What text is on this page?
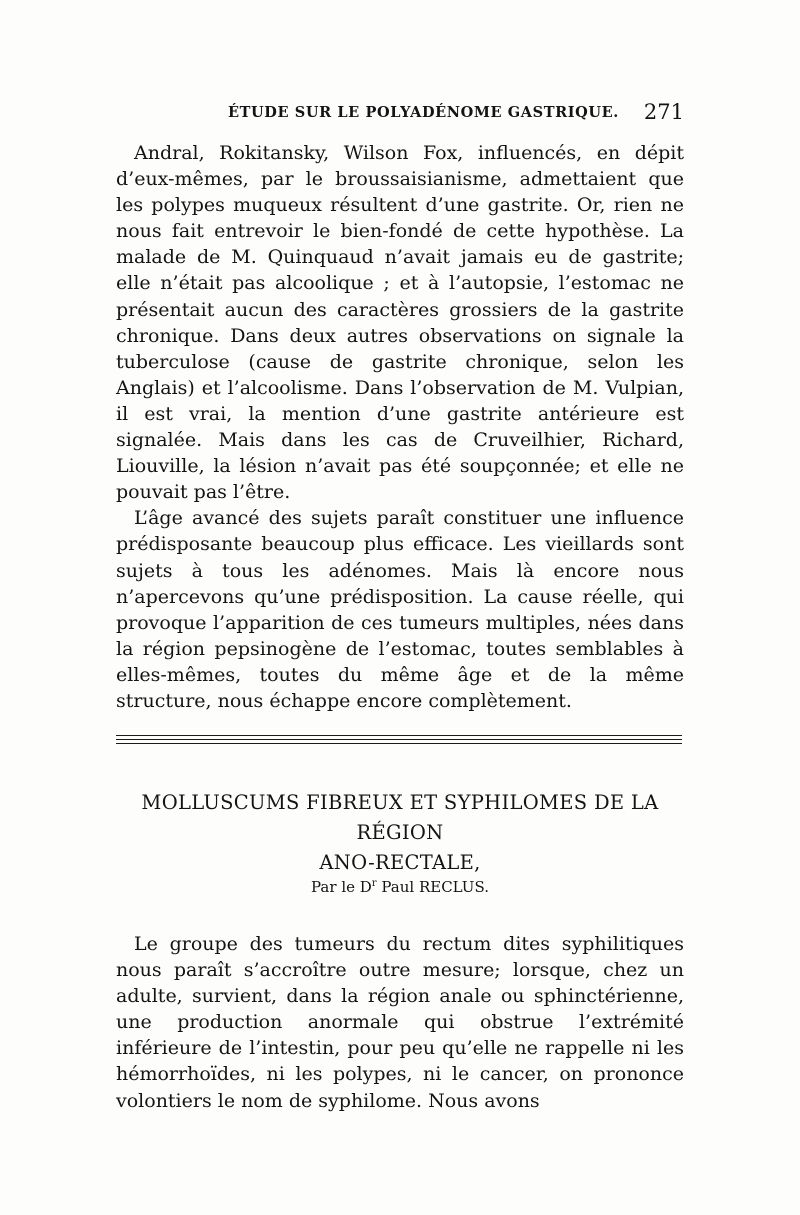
ÉTUDE SUR LE POLYADÉNOME GASTRIQUE. 271

Andral, Rokitansky, Wilson Fox, influencés, en dépit d’eux-mêmes, par le broussaisianisme, admettaient que les polypes muqueux résultent d’une gastrite. Or, rien ne nous fait entrevoir le bien-fondé de cette hypothèse. La malade de M. Quinquaud n’avait jamais eu de gastrite; elle n’était pas alcoolique ; et à l’autopsie, l’estomac ne présentait aucun des caractères grossiers de la gastrite chronique. Dans deux autres observations on signale la tuberculose (cause de gastrite chronique, selon les Anglais) et l’alcoolisme. Dans l’observation de M. Vulpian, il est vrai, la mention d’une gastrite antérieure est signalée. Mais dans les cas de Cruveilhier, Richard, Liouville, la lésion n’avait pas été soupçonnée; et elle ne pouvait pas l’être.

L’âge avancé des sujets paraît constituer une influence prédisposante beaucoup plus efficace. Les vieillards sont sujets à tous les adénomes. Mais là encore nous n’apercevons qu’une prédisposition. La cause réelle, qui provoque l’apparition de ces tumeurs multiples, nées dans la région pepsinogène de l’estomac, toutes semblables à elles-mêmes, toutes du même âge et de la même structure, nous échappe encore complètement.

MOLLUSCUMS FIBREUX ET SYPHILOMES DE LA RÉGION
ANO-RECTALE,
Par le $D^r$ Paul RECLUS.

Le groupe des tumeurs du rectum dites syphilitiques nous paraît s’accroître outre mesure; lorsque, chez un adulte, survient, dans la région anale ou sphinctérienne, une production anormale qui obstrue l’extrémité inférieure de l’intestin, pour peu qu’elle ne rappelle ni les hémorrhoïdes, ni les polypes, ni le cancer, on prononce volontiers le nom de syphilome. Nous avons
